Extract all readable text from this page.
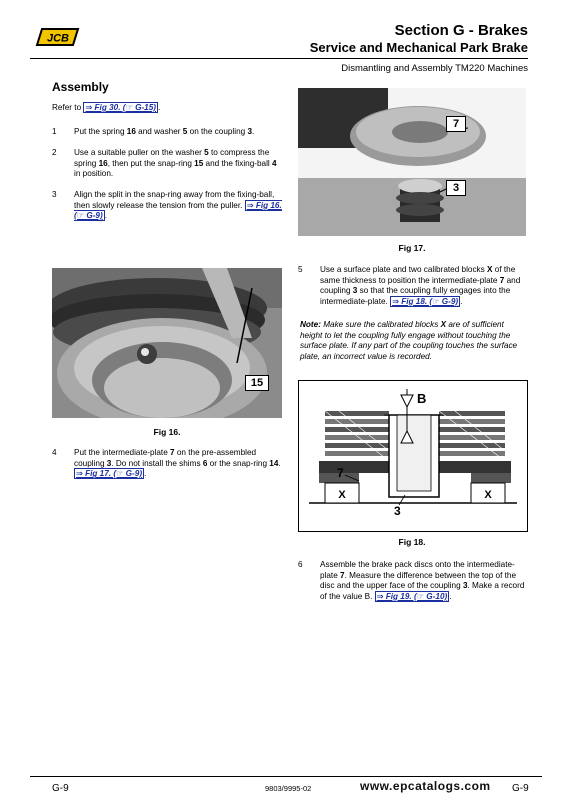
JCB	Section G - Brakes
Service and Mechanical Park Brake
Dismantling and Assembly TM220 Machines
Assembly
Refer to ⇒ Fig 30. (☞ G-15) .
1 Put the spring 16 and washer 5 on the coupling 3.
2 Use a suitable puller on the washer 5 to compress the spring 16, then put the snap-ring 15 and the fixing-ball 4 in position.
3 Align the split in the snap-ring away from the fixing-ball, then slowly release the tension from the puller. ⇒ Fig 16. (☞ G-9) .
15
Fig 16.
4 Put the intermediate-plate 7 on the pre-assembled coupling 3. Do not install the shims 6 or the snap-ring 14. ⇒ Fig 17. (☞ G-9) .
7
3
Fig 17.
5 Use a surface plate and two calibrated blocks X of the same thickness to position the intermediate-plate 7 and coupling 3 so that the coupling fully engages into the intermediate-plate. ⇒ Fig 18. (☞ G-9) .
Note: Make sure the calibrated blocks X are of sufficient height to let the coupling fully engage without touching the surface plate. If any part of the coupling touches the surface plate, an incorrect value is recorded.
B
X	X
7
3
Fig 18.
6 Assemble the brake pack discs onto the intermediate-plate 7. Measure the difference between the top of the disc and the upper face of the coupling 3. Make a record of the value B. ⇒ Fig 19. (☞ G-10) .
G-9	9803/9995-02	www.epcatalogs.com G-9
